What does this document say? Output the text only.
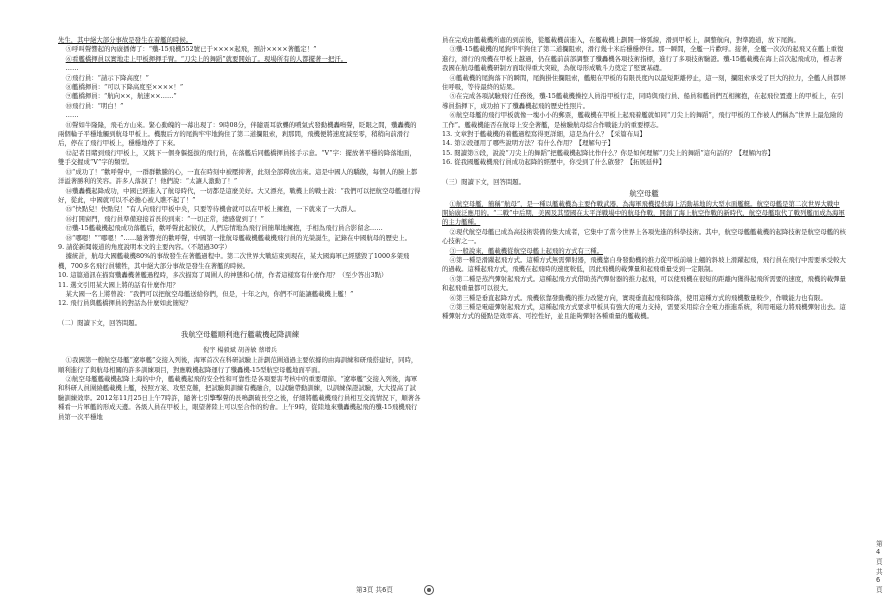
先生，其中絕大部分事故是發生在着艦的時候。

⑤呼叫聲響起的內廣播傳了：“殲-15飛機552號已于××××起飛，預計××××著艦定！”

⑥看艦橋揮員以實地走上甲板揮揮手臂。“刀尖上的舞蹈”就要開始了。現場所有的人都擺著一把汗。

……

⑦飛行員：“請示下降高度！”

⑧艦橋揮員：“可以下降高度至××××！”

⑨艦橋揮員：“航向××，航速××……”

⑩飛行員：“明白！”

……

⑪聲如牛隆隆，飛毛方山來。緊心動魄的一幕出現了：9時08分，伴隨震耳欲聾的噴氣式發動機轟鳴聲，眨眼之間，殲轟機的兩個輪子平穩地觸到航母甲板上。機腹后方的尾鉤牢牢地鉤住了第二道攔阻索，剎那間，飛機便將速度減至零，稍稍向前滑行后，停在了飛行甲板上，穩穩地停了下來。

⑫記者目睹到飛行甲板上，又跳下一個身軀挺拔的飛行員，在落艦后同艦橋揮員搖手示意。“V”字：擺放著平穩的降落地面，雙手交握成“V”字的類型。

⑬“成功了！”歡呼聲中，一群群歡騰的心，一直在時刻中被壓抑著，此刻全部釋放出來。這是中國人的驕傲，每個人的臉上都洋溢著勝利的笑容。許多人落淚了！他們說：“太讓人激動了！”

⑭殲轟機起降成功，中國已經進入了航母時代，一切都是這麼美好。大又漂亮，戰機上的戰士說：“我們可以把航空母艦運行得好，從此，中國就可以不必擔心被人瞧不起了！”

⑮“快點兒！快點兒！”有人向飛行甲板中央，只要等待機會就可以在甲板上擁抱，一下就來了一大群人。

⑯打開窗門，飛行員準備迎接首長的到來：“一切正常，總感覺到了！”

⑰殲-15艦載機起飛成功落艦后，歡呼聲此起彼伏，人們忘情地為飛行員簡單地擁抱，手相為飛行員合影留念……

⑱“哪嗯！”“哪嗯！”……隨著響亮的歡呼聲，中國第一批航母艦載機艦載機飛行員的光榮誕生，記錄在中國航母的歷史上。

9. 請從新聞報道的角度說明本文的主要內容。（不超過30字）

據統計，航母大國艦載機80%的事故發生在著艦過程中。第二次世界大戰結束到現在，某大國海軍已經墜毀了1000多架飛機，700多名飛行員犧牲，其中絕大部分事故是發生在著艦的時候。

10. 這篇通訊在描寫殲轟機著艦過程時，多次描寫了周圍人的神態和心情，作者這樣寫有什麼作用？（至少答出3點）

11. 選文引用某大國上將的話有什麼作用？

某大國一名上將曾說：“我們可以把航空母艦送給你們，但是，十年之內，你們不可能讓艦載機上艦！”

12. 飛行員與艦橋揮員的對話為什麼如此簡短？

（二）閱讀下文，回答問題。

我航空母艦順利進行艦載機起降訓練

倪宇 楊毅斌 胡善敏 蔡增兵

①我國第一艘航空母艦“遼寧艦”交接入列後，海軍首次在科研試驗上計劃范圍通過主要依據的由海訓練和研飛搭建好，同時，順利進行了與航母相關的許多訓練項目，對應戰機起降運行了殲轟機-15型航空母艦地面平面。

②航空母艦艦載機起降上海的中介，艦載機起飛的安全性和可靠性是各項要害考核中的重要環節。“遼寧艦”交接入列後，海軍和科研人員圍繞艦載機上艦，按照方案、攻堅克難，把試驗與訓練有機融合，以試驗帶動訓練，以訓練保證試驗，大大提高了試驗訓練效率。2012年11月25日上午7時許，隨著七引擎擊聲的長鳴劃破長空之後，仔細將艦載機飛行員相互交流情況下，順著各種看一片軍艦的形成天邊。各級人員在甲板上，眼望著陸上可以至合作的約會。上午9時，從陸地來殲轟機起飛的殲-15飛機飛行員第一次平穩地

第3頁 共6頁

員在完成由艦載機所處的到前後，從艦載機前進入，在艦載機上劃開一條弧線，滑到甲板上，調整航向，對準跑道，放下尾鉤。

③殲-15艦載機的尾鉤牢牢鉤住了第二道攔阻索，滑行幾十米后穩穩停住。那一瞬間，全艦一片歡呼。接著，全艦一次次的起飛又在艦上重復進行，滑行的飛機在甲板上越過，仍在艦前前部調整了殲轟機各項技術指標，進行了多項技術驗證。殲-15艦載機在海上首次起飛成功，標志著我國在航母艦載機研制方面取得重大突破，為航母形成戰斗力奠定了堅實基礎。

④艦載機的尾鉤落下的瞬間，尾鉤掛住攔阻索，艦艇在甲板的有限長度內以最短距離停止，這一刻，攔阻索承受了巨大的拉力，全艦人員都屏住呼吸，等待最終的結果。

⑤在完成各項試驗飛行任務後，殲-15艦載機操控人員沿甲板行走，同時與飛行員、船員和艦員們互相擁抱，在起飛位置邊上的甲板上，在引導員指揮下，成功拍下了殲轟機起飛的歷史性照片。

⑥航空母艦的飛行甲板就像一塊小小的郵票，艦載機在甲板上起飛着艦就如同“刀尖上的舞蹈”，飛行甲板的工作被人們稱為“世界上最危險的工作”。艦載機能否在航母上安全著艦，是檢驗航母綜合作戰能力的重要標志。

13. 文章對于艦載機的着艦過程寫得更詳細，這是為什么？【采篇布局】

14. 第②段運用了哪些說明方法？有什么作用？【理解句子】

15. 閱讀第⑤段，說說“刀尖上的舞蹈”把艦載機起降比作什么？你是如何理解“刀尖上的舞蹈”這句話的？【理解內容】

16. 從我國艦載機飛行員成功起降的經歷中，你受到了什么啟發？【拓展延伸】

（三）閱讀下文，回答問題。

航空母艦

①航空母艦，簡稱“航母”，是一種以艦載機為主要作戰武器，為海軍飛機提供海上活動基地的大型水面艦艇。航空母艦是第二次世界大戰中開始廣泛應用的。“二戰”中后期，美國及其盟國在太平洋戰場中的航母作戰，開創了海上航空作戰的新時代，航空母艦取代了戰列艦而成為海軍的主力艦種。

②現代航空母艦已成為高技術裝備的集大成者，它集中了當今世界上各項先進的科學技術。其中，航空母艦艦載機的起降技術是航空母艦的核心技術之一。

③一般說來，艦載機從航空母艦上起飛的方式有三種。

④第一種是滑躍起飛方式。這種方式無需彈射器，飛機靠自身發動機的推力從甲板前端上翹的斜坡上滑躍起飛，飛行員在飛行中需要承受較大的過載。這種起飛方式，飛機在起飛時的速度較低，因此飛機的載彈量和起飛重量受到一定限制。

⑤第二種是蒸汽彈射起飛方式。這種起飛方式借助蒸汽彈射器的推力起飛，可以使飛機在很短的距離內獲得起飛所需要的速度，飛機的載彈量和起飛重量都可以很大。

⑥第三種是垂直起降方式。飛機依靠發動機的推力改變方向，實現垂直起飛和降落，使用這種方式的飛機數量較少，作戰能力也有限。

⑦第三種是電磁彈射起飛方式，這種起飛方式要求甲板具有強大的電力支持，需要采用綜合全電力推進系統，利用電磁力將飛機彈射出去。這種彈射方式的優點是效率高、可控性好，並且能夠彈射各種重量的艦載機。

第4頁 共6頁
